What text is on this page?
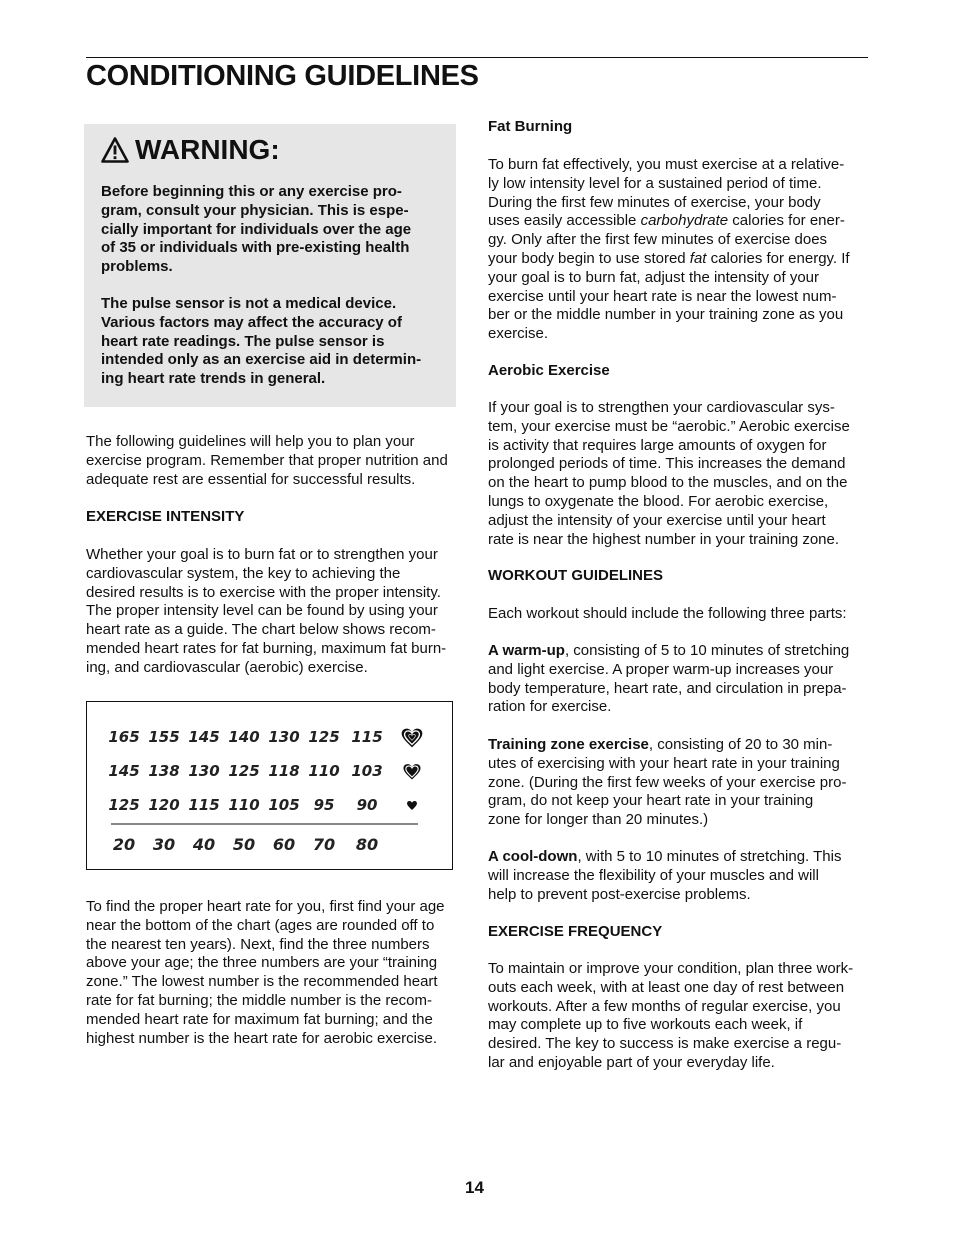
CONDITIONING GUIDELINES
WARNING:

Before beginning this or any exercise pro-
gram, consult your physician. This is espe-
cially important for individuals over the age
of 35 or individuals with pre-existing health
problems.

The pulse sensor is not a medical device.
Various factors may affect the accuracy of
heart rate readings. The pulse sensor is
intended only as an exercise aid in determin-
ing heart rate trends in general.

The following guidelines will help you to plan your
exercise program. Remember that proper nutrition and
adequate rest are essential for successful results.

EXERCISE INTENSITY

Whether your goal is to burn fat or to strengthen your
cardiovascular system, the key to achieving the
desired results is to exercise with the proper intensity.
The proper intensity level can be found by using your
heart rate as a guide. The chart below shows recom-
mended heart rates for fat burning, maximum fat burn-
ing, and cardiovascular (aerobic) exercise.

To find the proper heart rate for you, first find your age
near the bottom of the chart (ages are rounded off to
the nearest ten years). Next, find the three numbers
above your age; the three numbers are your “training
zone.” The lowest number is the recommended heart
rate for fat burning; the middle number is the recom-
mended heart rate for maximum fat burning; and the
highest number is the heart rate for aerobic exercise.

165 155 145 140 130 125 115
145 138 130 125 118 110 103
125 120 115 110 105 95 90
20 30 40 50 60 70 80

Fat Burning

To burn fat effectively, you must exercise at a relative-
ly low intensity level for a sustained period of time.
During the first few minutes of exercise, your body
uses easily accessible carbohydrate calories for ener-
gy. Only after the first few minutes of exercise does
your body begin to use stored fat calories for energy. If
your goal is to burn fat, adjust the intensity of your
exercise until your heart rate is near the lowest num-
ber or the middle number in your training zone as you
exercise.

Aerobic Exercise

If your goal is to strengthen your cardiovascular sys-
tem, your exercise must be “aerobic.” Aerobic exercise
is activity that requires large amounts of oxygen for
prolonged periods of time. This increases the demand
on the heart to pump blood to the muscles, and on the
lungs to oxygenate the blood. For aerobic exercise,
adjust the intensity of your exercise until your heart
rate is near the highest number in your training zone.

WORKOUT GUIDELINES

Each workout should include the following three parts:

A warm-up, consisting of 5 to 10 minutes of stretching
and light exercise. A proper warm-up increases your
body temperature, heart rate, and circulation in prepa-
ration for exercise.

Training zone exercise, consisting of 20 to 30 min-
utes of exercising with your heart rate in your training
zone. (During the first few weeks of your exercise pro-
gram, do not keep your heart rate in your training
zone for longer than 20 minutes.)

A cool-down, with 5 to 10 minutes of stretching. This
will increase the flexibility of your muscles and will
help to prevent post-exercise problems.

EXERCISE FREQUENCY

To maintain or improve your condition, plan three work-
outs each week, with at least one day of rest between
workouts. After a few months of regular exercise, you
may complete up to five workouts each week, if
desired. The key to success is make exercise a regu-
lar and enjoyable part of your everyday life.

14
